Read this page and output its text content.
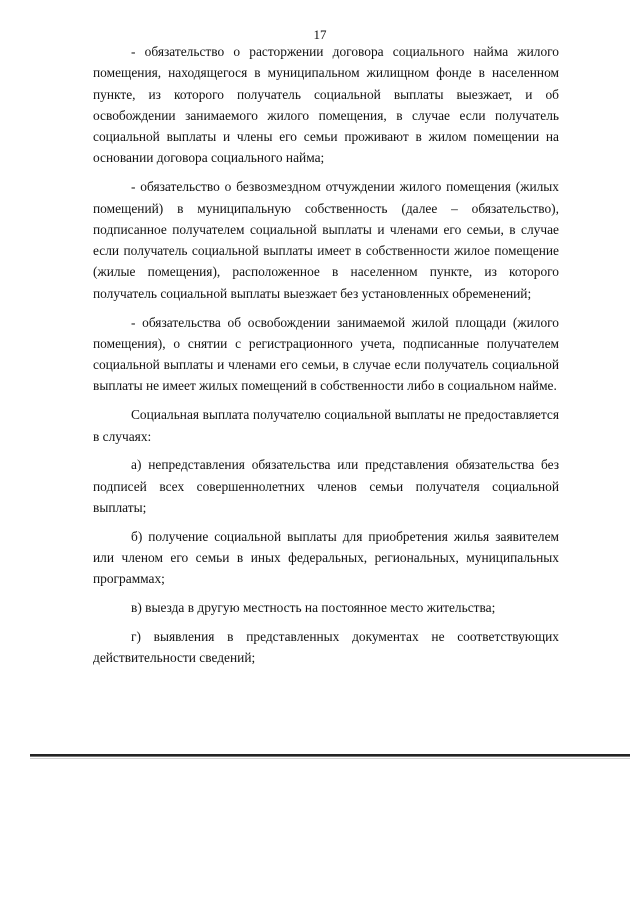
17

- обязательство о расторжении договора социального найма жилого помещения, находящегося в муниципальном жилищном фонде в населенном пункте, из которого получатель социальной выплаты выезжает, и об освобождении занимаемого жилого помещения, в случае если получатель социальной выплаты и члены его семьи проживают в жилом помещении на основании договора социального найма;

- обязательство о безвозмездном отчуждении жилого помещения (жилых помещений) в муниципальную собственность (далее – обязательство), подписанное получателем социальной выплаты и членами его семьи, в случае если получатель социальной выплаты имеет в собственности жилое помещение (жилые помещения), расположенное в населенном пункте, из которого получатель социальной выплаты выезжает без установленных обременений;

- обязательства об освобождении занимаемой жилой площади (жилого помещения), о снятии с регистрационного учета, подписанные получателем социальной выплаты и членами его семьи, в случае если получатель социальной выплаты не имеет жилых помещений в собственности либо в социальном найме.

Социальная выплата получателю социальной выплаты не предоставляется в случаях:

а) непредставления обязательства или представления обязательства без подписей всех совершеннолетних членов семьи получателя социальной выплаты;

б) получение социальной выплаты для приобретения жилья заявителем или членом его семьи в иных федеральных, региональных, муниципальных программах;

в) выезда в другую местность на постоянное место жительства;

г) выявления в представленных документах не соответствующих действительности сведений;
